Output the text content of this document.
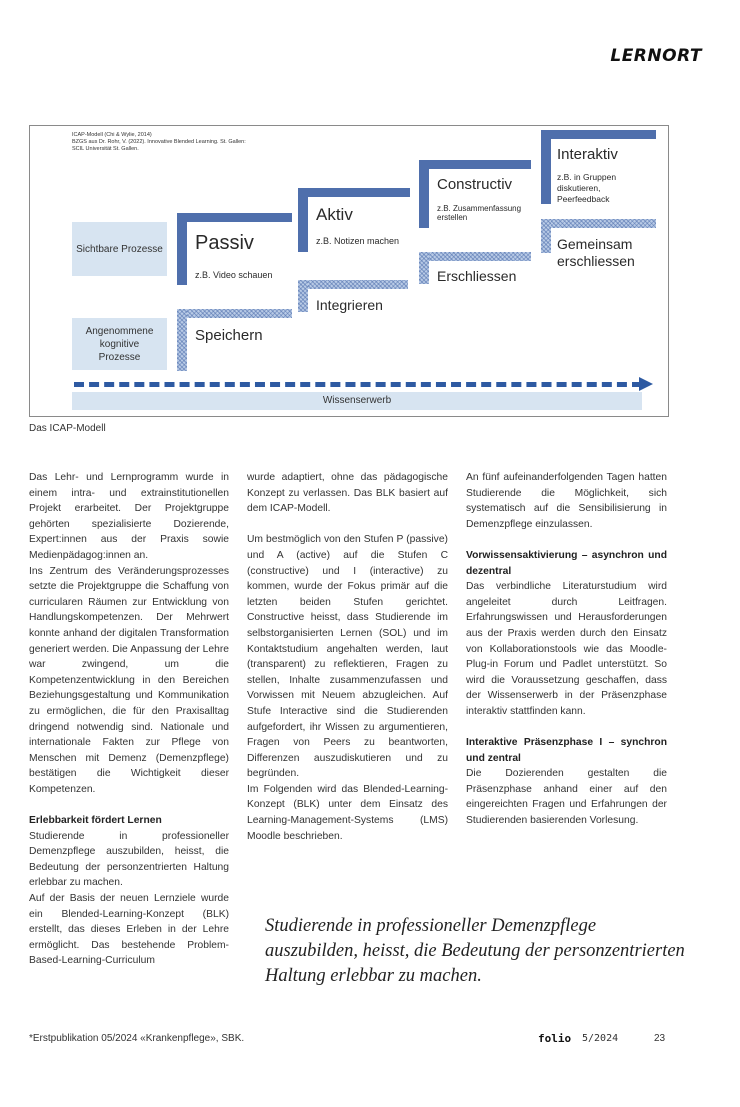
LERNORT
ICAP-Modell (Chi & Wylie, 2014)
BZGS aus Dr. Rohr, V. (2022). Innovative Blended Learning. St. Gallen:
SCIL Universität St. Gallen.
Sichtbare Prozesse
Angenommene kognitive Prozesse
Passiv
z.B. Video schauen
Speichern
Aktiv
z.B. Notizen machen
Integrieren
Constructiv
z.B. Zusammenfassung erstellen
Erschliessen
Interaktiv
z.B. in Gruppen diskutieren, Peerfeedback
Gemeinsam erschliessen
Wissenserwerb
Das ICAP-Modell

Das Lehr- und Lernprogramm wurde in einem intra- und extrainstitutionellen Projekt erarbeitet. Der Projektgruppe gehörten spezialisierte Dozierende, Expert:innen aus der Praxis sowie Medienpädagog:innen an.

Ins Zentrum des Veränderungsprozesses setzte die Projektgruppe die Schaffung von curricularen Räumen zur Entwicklung von Handlungskompetenzen. Der Mehrwert konnte anhand der digitalen Transformation generiert werden. Die Anpassung der Lehre war zwingend, um die Kompetenzentwicklung in den Bereichen Beziehungsgestaltung und Kommunikation zu ermöglichen, die für den Praxisalltag dringend notwendig sind. Nationale und internationale Fakten zur Pflege von Menschen mit Demenz (Demenzpflege) bestätigen die Wichtigkeit dieser Kompetenzen.

Erlebbarkeit fördert Lernen

Studierende in professioneller Demenzpflege auszubilden, heisst, die Bedeutung der personzentrierten Haltung erlebbar zu machen.

Auf der Basis der neuen Lernziele wurde ein Blended-Learning-Konzept (BLK) erstellt, das dieses Erleben in der Lehre ermöglicht. Das bestehende Problem-Based-Learning-Curriculum

wurde adaptiert, ohne das pädagogische Konzept zu verlassen. Das BLK basiert auf dem ICAP-Modell.

Um bestmöglich von den Stufen P (passive) und A (active) auf die Stufen C (constructive) und I (interactive) zu kommen, wurde der Fokus primär auf die letzten beiden Stufen gerichtet. Constructive heisst, dass Studierende im selbstorganisierten Lernen (SOL) und im Kontaktstudium angehalten werden, laut (transparent) zu reflektieren, Fragen zu stellen, Inhalte zusammenzufassen und Vorwissen mit Neuem abzugleichen. Auf Stufe Interactive sind die Studierenden aufgefordert, ihr Wissen zu argumentieren, Fragen von Peers zu beantworten, Differenzen auszudiskutieren und zu begründen.

Im Folgenden wird das Blended-Learning-Konzept (BLK) unter dem Einsatz des Learning-Management-Systems (LMS) Moodle beschrieben.

An fünf aufeinanderfolgenden Tagen hatten Studierende die Möglichkeit, sich systematisch auf die Sensibilisierung in Demenzpflege einzulassen.

Vorwissensaktivierung – asynchron und dezentral

Das verbindliche Literaturstudium wird angeleitet durch Leitfragen. Erfahrungswissen und Herausforderungen aus der Praxis werden durch den Einsatz von Kollaborationstools wie das Moodle-Plug-in Forum und Padlet unterstützt. So wird die Voraussetzung geschaffen, dass der Wissenserwerb in der Präsenzphase interaktiv stattfinden kann.

Interaktive Präsenzphase I – synchron und zentral

Die Dozierenden gestalten die Präsenzphase anhand einer auf den eingereichten Fragen und Erfahrungen der Studierenden basierenden Vorlesung.

Studierende in professioneller Demenzpflege auszubilden, heisst, die Bedeutung der personzentrierten Haltung erlebbar zu machen.
*Erstpublikation 05/2024 «Krankenpflege», SBK.	folio 5/2024	23
